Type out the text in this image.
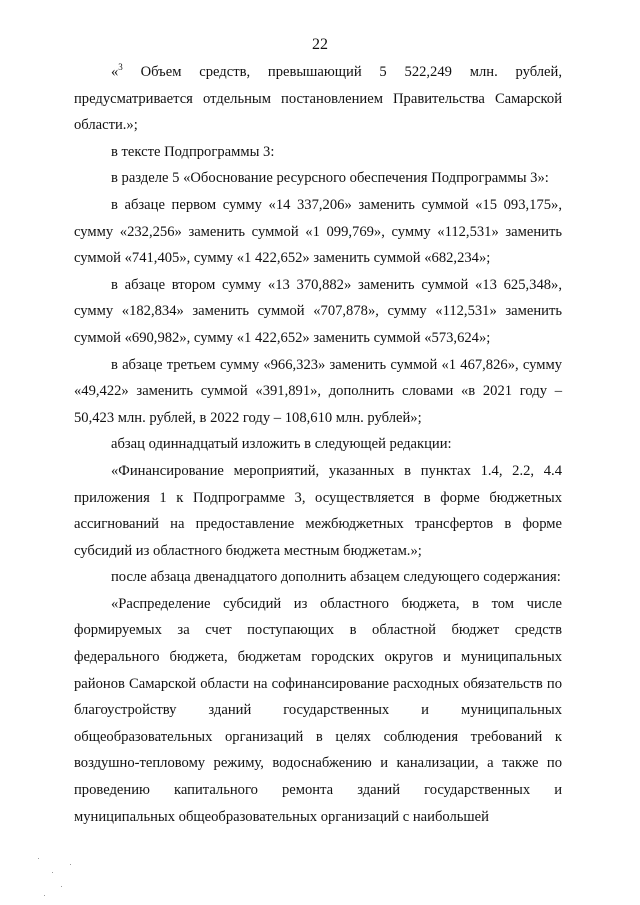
22

«$^3$ Объем средств, превышающий 5 522,249 млн. рублей, предусматривается отдельным постановлением Правительства Самарской области.»;

в тексте Подпрограммы 3:

в разделе 5 «Обоснование ресурсного обеспечения Подпрограммы 3»:

в абзаце первом сумму «14 337,206» заменить суммой «15 093,175», сумму «232,256» заменить суммой «1 099,769», сумму «112,531» заменить суммой «741,405», сумму «1 422,652» заменить суммой «682,234»;

в абзаце втором сумму «13 370,882» заменить суммой «13 625,348», сумму «182,834» заменить суммой «707,878», сумму «112,531» заменить суммой «690,982», сумму «1 422,652» заменить суммой «573,624»;

в абзаце третьем сумму «966,323» заменить суммой «1 467,826», сумму «49,422» заменить суммой «391,891», дополнить словами «в 2021 году – 50,423 млн. рублей, в 2022 году – 108,610 млн. рублей»;

абзац одиннадцатый изложить в следующей редакции:

«Финансирование мероприятий, указанных в пунктах 1.4, 2.2, 4.4 приложения 1 к Подпрограмме 3, осуществляется в форме бюджетных ассигнований на предоставление межбюджетных трансфертов в форме субсидий из областного бюджета местным бюджетам.»;

после абзаца двенадцатого дополнить абзацем следующего содержания:

«Распределение субсидий из областного бюджета, в том числе формируемых за счет поступающих в областной бюджет средств федерального бюджета, бюджетам городских округов и муниципальных районов Самарской области на софинансирование расходных обязательств по благоустройству зданий государственных и муниципальных общеобразовательных организаций в целях соблюдения требований к воздушно-тепловому режиму, водоснабжению и канализации, а также по проведению капитального ремонта зданий государственных и муниципальных общеобразовательных организаций с наибольшей
